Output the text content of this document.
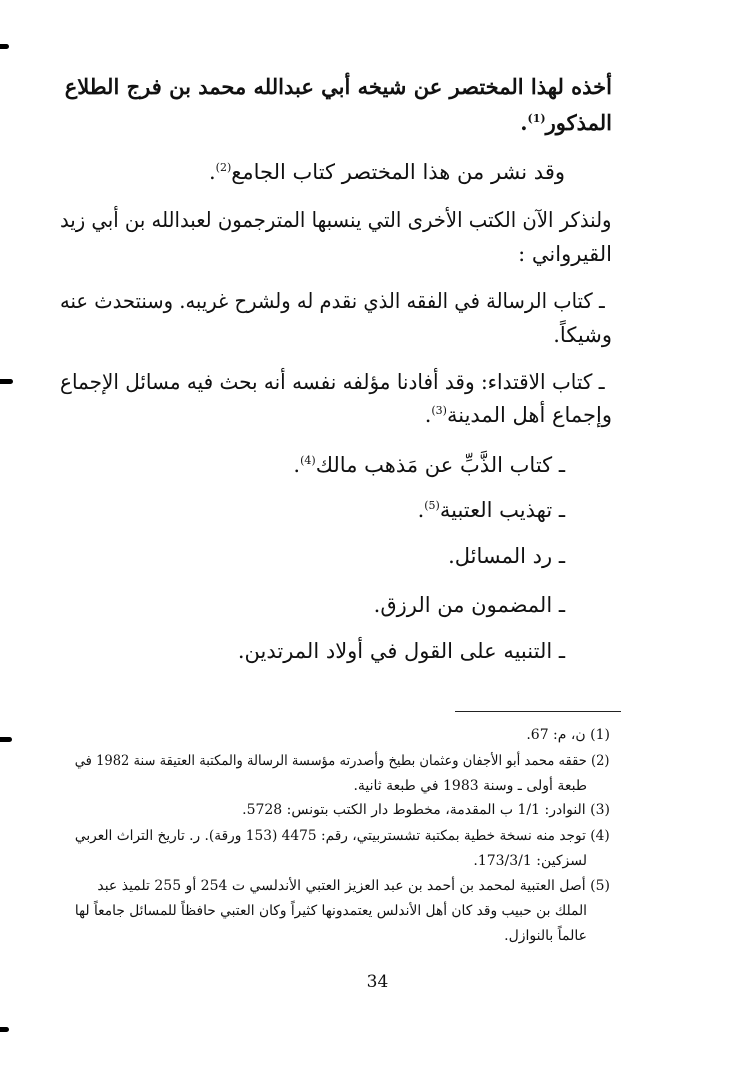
أخذه لهذا المختصر عن شيخه أبي عبدالله محمد بن فرج الطلاع
المذكور$^{(1)}$.
وقد نشر من هذا المختصر كتاب الجامع$^{(2)}$.
ولنذكر الآن الكتب الأخرى التي ينسبها المترجمون لعبدالله بن أبي زيد
القيرواني :
ـ كتاب الرسالة في الفقه الذي نقدم له ولشرح غريبه. وسنتحدث عنه
وشيكاً.
ـ كتاب الاقتداء: وقد أفادنا مؤلفه نفسه أنه بحث فيه مسائل الإجماع
وإجماع أهل المدينة$^{(3)}$.
ـ كتاب الذَّبِّ عن مَذهب مالك$^{(4)}$.
ـ تهذيب العتبية$^{(5)}$.
ـ رد المسائل.
ـ المضمون من الرزق.
ـ التنبيه على القول في أولاد المرتدين.
(1) ن، م: 67.
(2) حققه محمد أبو الأجفان وعثمان بطيخ وأصدرته مؤسسة الرسالة والمكتبة العتيقة سنة 1982 في
طبعة أولى ـ وسنة 1983 في طبعة ثانية.
(3) النوادر: 1/1 ب المقدمة، مخطوط دار الكتب بتونس: 5728.
(4) توجد منه نسخة خطية بمكتبة تشستربيتي، رقم: 4475 (153 ورقة). ر. تاريخ التراث العربي
لسزكين: 173/3/1.
(5) أصل العتبية لمحمد بن أحمد بن عبد العزيز العتبي الأندلسي ت 254 أو 255 تلميذ عبد
الملك بن حبيب وقد كان أهل الأندلس يعتمدونها كثيراً وكان العتبي حافظاً للمسائل جامعاً لها
عالماً بالنوازل.
34
